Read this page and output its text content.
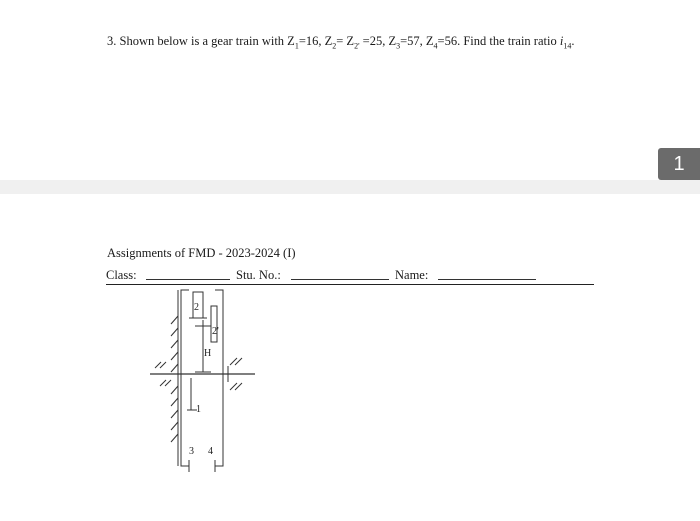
3. Shown below is a gear train with $Z_1=16$, $Z_2= Z_{2'} =25$, $Z_3=57$, $Z_4=56$. Find the train ratio $i_{14}$.
1
Assignments of FMD - 2023-2024 (I)
Class:	Stu. No.:	Name:
2
2'
H
1
3 4
